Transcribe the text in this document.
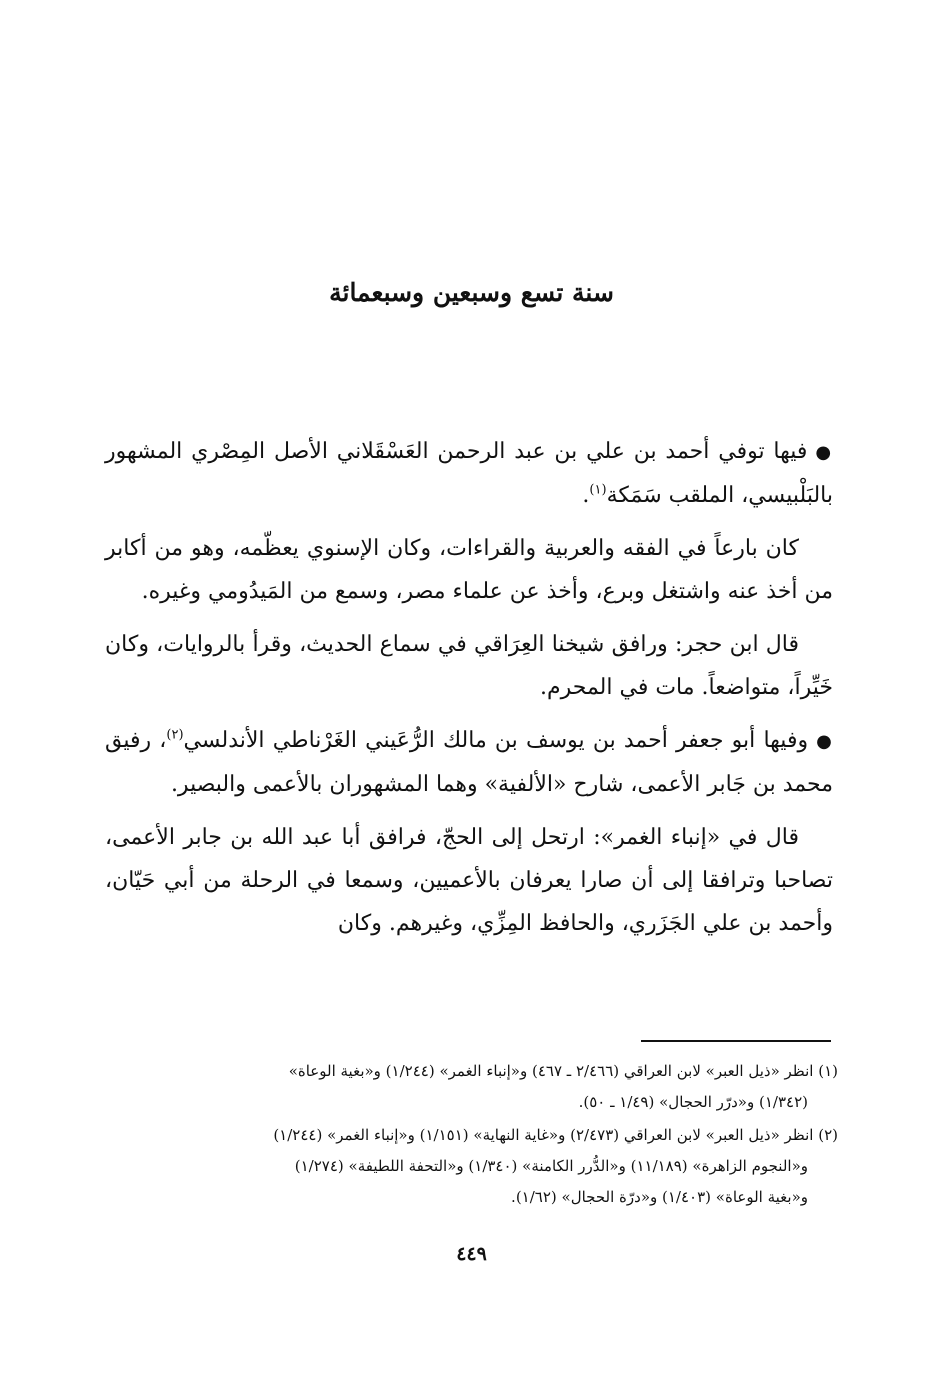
سنة تسع وسبعين وسبعمائة

●فيها توفي أحمد بن علي بن عبد الرحمن العَسْقَلاني الأصل المِصْري المشهور بالبَلْبيسي، الملقب سَمَكة$^{(١)}$.

كان بارعاً في الفقه والعربية والقراءات، وكان الإسنوي يعظّمه، وهو من أكابر من أخذ عنه واشتغل وبرع، وأخذ عن علماء مصر، وسمع من المَيدُومي وغيره.

قال ابن حجر: ورافق شيخنا العِرَاقي في سماع الحديث، وقرأ بالروايات، وكان خَيِّراً، متواضعاً. مات في المحرم.

●وفيها أبو جعفر أحمد بن يوسف بن مالك الرُّعَيني الغَرْناطي الأندلسي$^{(٢)}$، رفيق محمد بن جَابر الأعمى، شارح «الألفية» وهما المشهوران بالأعمى والبصير.

قال في «إنباء الغمر»: ارتحل إلى الحجّ، فرافق أبا عبد الله بن جابر الأعمى، تصاحبا وترافقا إلى أن صارا يعرفان بالأعميين، وسمعا في الرحلة من أبي حَيّان، وأحمد بن علي الجَزَري، والحافظ المِزِّي، وغيرهم. وكان

(١) انظر «ذيل العبر» لابن العراقي (٢/٤٦٦ ـ ٤٦٧) و«إنباء الغمر» (١/٢٤٤) و«بغية الوعاة»
(١/٣٤٢) و«درّر الحجال» (١/٤٩ ـ ٥٠).
(٢) انظر «ذيل العبر» لابن العراقي (٢/٤٧٣) و«غاية النهاية» (١/١٥١) و«إنباء الغمر» (١/٢٤٤)
و«النجوم الزاهرة» (١١/١٨٩) و«الدُّرر الكامنة» (١/٣٤٠) و«التحفة اللطيفة» (١/٢٧٤)
و«بغية الوعاة» (١/٤٠٣) و«درّة الحجال» (١/٦٢).
٤٤٩
